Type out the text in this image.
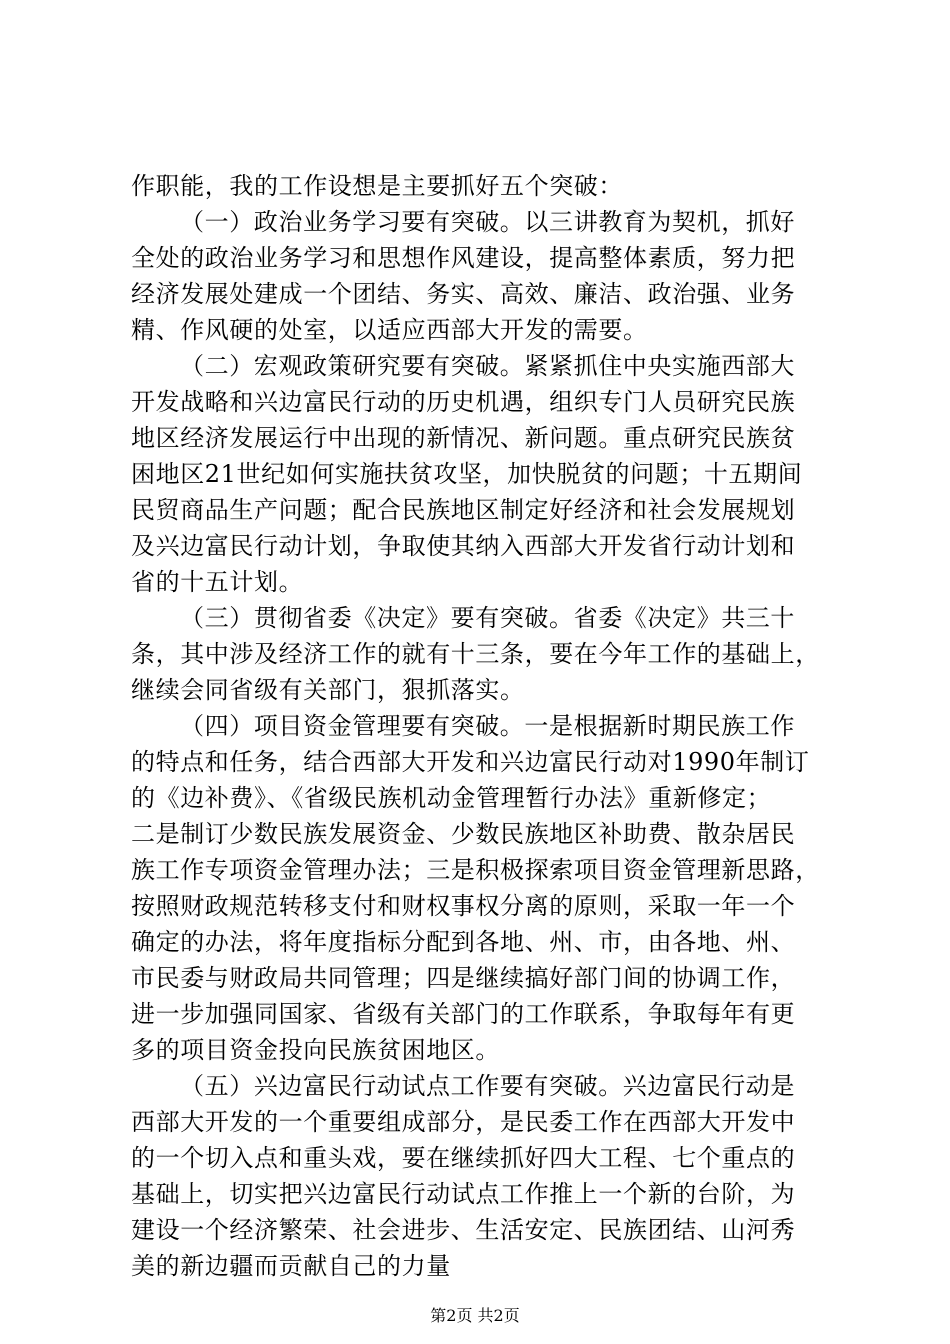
作职能，我的工作设想是主要抓好五个突破：
（一）政治业务学习要有突破。以三讲教育为契机，抓好
全处的政治业务学习和思想作风建设，提高整体素质，努力把
经济发展处建成一个团结、务实、高效、廉洁、政治强、业务
精、作风硬的处室，以适应西部大开发的需要。
（二）宏观政策研究要有突破。紧紧抓住中央实施西部大
开发战略和兴边富民行动的历史机遇，组织专门人员研究民族
地区经济发展运行中出现的新情况、新问题。重点研究民族贫
困地区21世纪如何实施扶贫攻坚，加快脱贫的问题；十五期间
民贸商品生产问题；配合民族地区制定好经济和社会发展规划
及兴边富民行动计划，争取使其纳入西部大开发省行动计划和
省的十五计划。
（三）贯彻省委《决定》要有突破。省委《决定》共三十
条，其中涉及经济工作的就有十三条，要在今年工作的基础上，
继续会同省级有关部门，狠抓落实。
（四）项目资金管理要有突破。一是根据新时期民族工作
的特点和任务，结合西部大开发和兴边富民行动对1990年制订
的《边补费》、《省级民族机动金管理暂行办法》重新修定；
二是制订少数民族发展资金、少数民族地区补助费、散杂居民
族工作专项资金管理办法；三是积极探索项目资金管理新思路，
按照财政规范转移支付和财权事权分离的原则，采取一年一个
确定的办法，将年度指标分配到各地、州、市，由各地、州、
市民委与财政局共同管理；四是继续搞好部门间的协调工作，
进一步加强同国家、省级有关部门的工作联系，争取每年有更
多的项目资金投向民族贫困地区。
（五）兴边富民行动试点工作要有突破。兴边富民行动是
西部大开发的一个重要组成部分，是民委工作在西部大开发中
的一个切入点和重头戏，要在继续抓好四大工程、七个重点的
基础上，切实把兴边富民行动试点工作推上一个新的台阶，为
建设一个经济繁荣、社会进步、生活安定、民族团结、山河秀
美的新边疆而贡献自己的力量
第2页 共2页
